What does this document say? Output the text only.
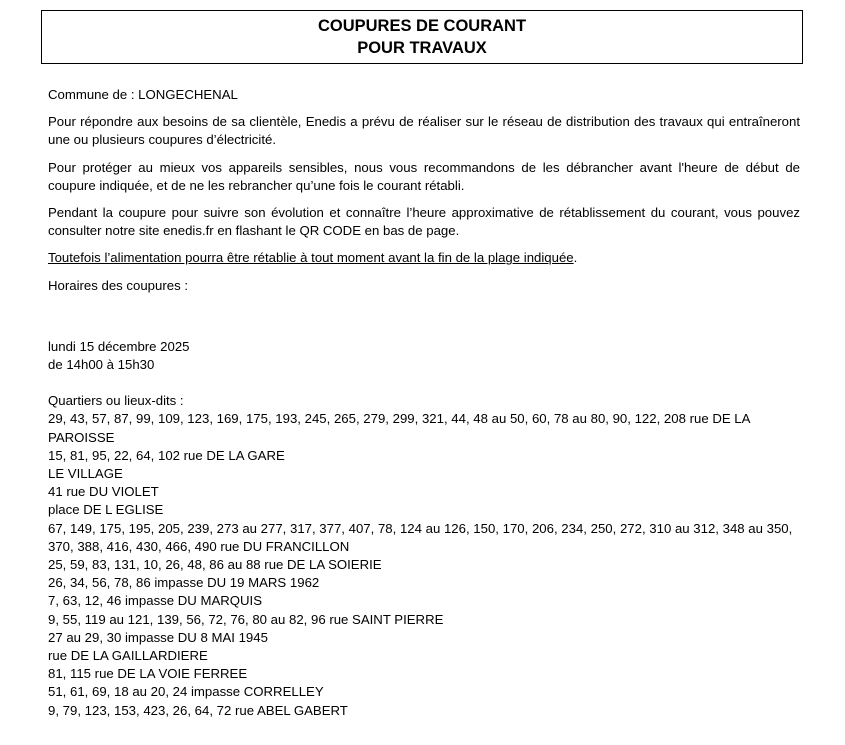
COUPURES DE COURANT
POUR TRAVAUX
Commune de : LONGECHENAL
Pour répondre aux besoins de sa clientèle, Enedis a prévu de réaliser sur le réseau de distribution des travaux qui entraîneront une ou plusieurs coupures d’électricité.
Pour protéger au mieux vos appareils sensibles, nous vous recommandons de les débrancher avant l'heure de début de coupure indiquée, et de ne les rebrancher qu’une fois le courant rétabli.
Pendant la coupure pour suivre son évolution et connaître l’heure approximative de rétablissement du courant, vous pouvez consulter notre site enedis.fr en flashant le QR CODE en bas de page.
Toutefois l’alimentation pourra être rétablie à tout moment avant la fin de la plage indiquée.
Horaires des coupures :
lundi 15 décembre 2025
de 14h00 à 15h30
Quartiers ou lieux-dits :
29, 43, 57, 87, 99, 109, 123, 169, 175, 193, 245, 265, 279, 299, 321, 44, 48 au 50, 60, 78 au 80, 90, 122, 208 rue DE LA PAROISSE
15, 81, 95, 22, 64, 102 rue DE LA GARE
LE VILLAGE
41 rue DU VIOLET
place DE L EGLISE
67, 149, 175, 195, 205, 239, 273 au 277, 317, 377, 407, 78, 124 au 126, 150, 170, 206, 234, 250, 272, 310 au 312, 348 au 350, 370, 388, 416, 430, 466, 490 rue DU FRANCILLON
25, 59, 83, 131, 10, 26, 48, 86 au 88 rue DE LA SOIERIE
26, 34, 56, 78, 86 impasse DU 19 MARS 1962
7, 63, 12, 46 impasse DU MARQUIS
9, 55, 119 au 121, 139, 56, 72, 76, 80 au 82, 96 rue SAINT PIERRE
27 au 29, 30 impasse DU 8 MAI 1945
rue DE LA GAILLARDIERE
81, 115 rue DE LA VOIE FERREE
51, 61, 69, 18 au 20, 24 impasse CORRELLEY
9, 79, 123, 153, 423, 26, 64, 72 rue ABEL GABERT
